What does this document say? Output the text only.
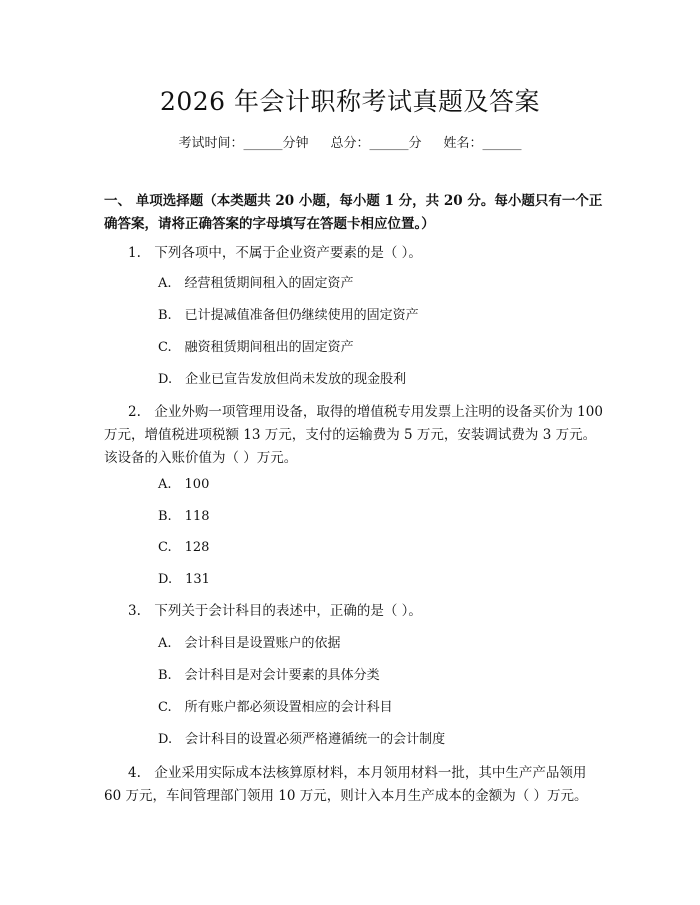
2026 年会计职称考试真题及答案
考试时间：______分钟 总分：______分 姓名：______
一、 单项选择题（本类题共 20 小题，每小题 1 分，共 20 分。每小题只有一个正确答案，请将正确答案的字母填写在答题卡相应位置。）
1.　下列各项中，不属于企业资产要素的是（ ）。
A.　经营租赁期间租入的固定资产
B.　已计提减值准备但仍继续使用的固定资产
C.　融资租赁期间租出的固定资产
D.　企业已宣告发放但尚未发放的现金股利
2.　企业外购一项管理用设备，取得的增值税专用发票上注明的设备买价为 100 万元，增值税进项税额 13 万元，支付的运输费为 5 万元，安装调试费为 3 万元。该设备的入账价值为（ ）万元。
A.　100
B.　118
C.　128
D.　131
3.　下列关于会计科目的表述中，正确的是（ ）。
A.　会计科目是设置账户的依据
B.　会计科目是对会计要素的具体分类
C.　所有账户都必须设置相应的会计科目
D.　会计科目的设置必须严格遵循统一的会计制度
4.　企业采用实际成本法核算原材料，本月领用材料一批，其中生产产品领用 60 万元，车间管理部门领用 10 万元，则计入本月生产成本的金额为（ ）万元。
